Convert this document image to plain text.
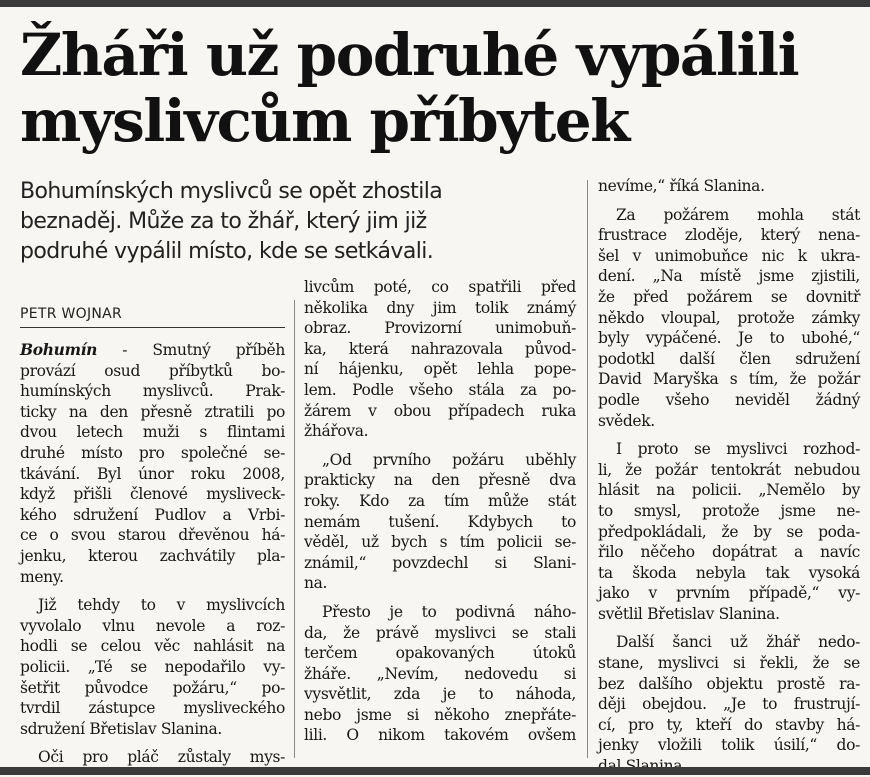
Žháři už podruhé vypálili
myslivcům příbytek
Bohumínských myslivců se opět zhostila
beznaděj. Může za to žhář, který jim již
podruhé vypálil místo, kde se setkávali.
PETR WOJNAR
Bohumín - Smutný příběh
provází osud příbytků bo-
humínských myslivců. Prak-
ticky na den přesně ztratili po
dvou letech muži s flintami
druhé místo pro společné se-
tkávání. Byl únor roku 2008,
když přišli členové mysliveck-
kého sdružení Pudlov a Vrbi-
ce o svou starou dřevěnou há-
jenku, kterou zachvátily pla-
meny.
Již tehdy to v myslivcích
vyvolalo vlnu nevole a roz-
hodli se celou věc nahlásit na
policii. „Té se nepodařilo vy-
šetřit původce požáru,“ po-
tvrdil zástupce mysliveckého
sdružení Břetislav Slanina.
Oči pro pláč zůstaly mys-
livcům poté, co spatřili před
několika dny jim tolik známý
obraz. Provizorní unimobuň-
ka, která nahrazovala původ-
ní hájenku, opět lehla pope-
lem. Podle všeho stála za po-
žárem v obou případech ruka
žhářova.
„Od prvního požáru uběhly
prakticky na den přesně dva
roky. Kdo za tím může stát
nemám tušení. Kdybych to
věděl, už bych s tím policii se-
známil,“ povzdechl si Slani-
na.
Přesto je to podivná náho-
da, že právě myslivci se stali
terčem opakovaných útoků
žháře. „Nevím, nedovedu si
vysvětlit, zda je to náhoda,
nebo jsme si někoho znepřáte-
lili. O nikom takovém ovšem
nevíme,“ říká Slanina.
Za požárem mohla stát
frustrace zloděje, který nena-
šel v unimobuňce nic k ukra-
dení. „Na místě jsme zjistili,
že před požárem se dovnitř
někdo vloupal, protože zámky
byly vypáčené. Je to ubohé,“
podotkl další člen sdružení
David Maryška s tím, že požár
podle všeho neviděl žádný
svědek.
I proto se myslivci rozhod-
li, že požár tentokrát nebudou
hlásit na policii. „Nemělo by
to smysl, protože jsme ne-
předpokládali, že by se poda-
řilo něčeho dopátrat a navíc
ta škoda nebyla tak vysoká
jako v prvním případě,“ vy-
světlil Břetislav Slanina.
Další šanci už žhář nedo-
stane, myslivci si řekli, že se
bez dalšího objektu prostě ra-
ději obejdou. „Je to frustrují-
cí, pro ty, kteří do stavby há-
jenky vložili tolik úsilí,“ do-
